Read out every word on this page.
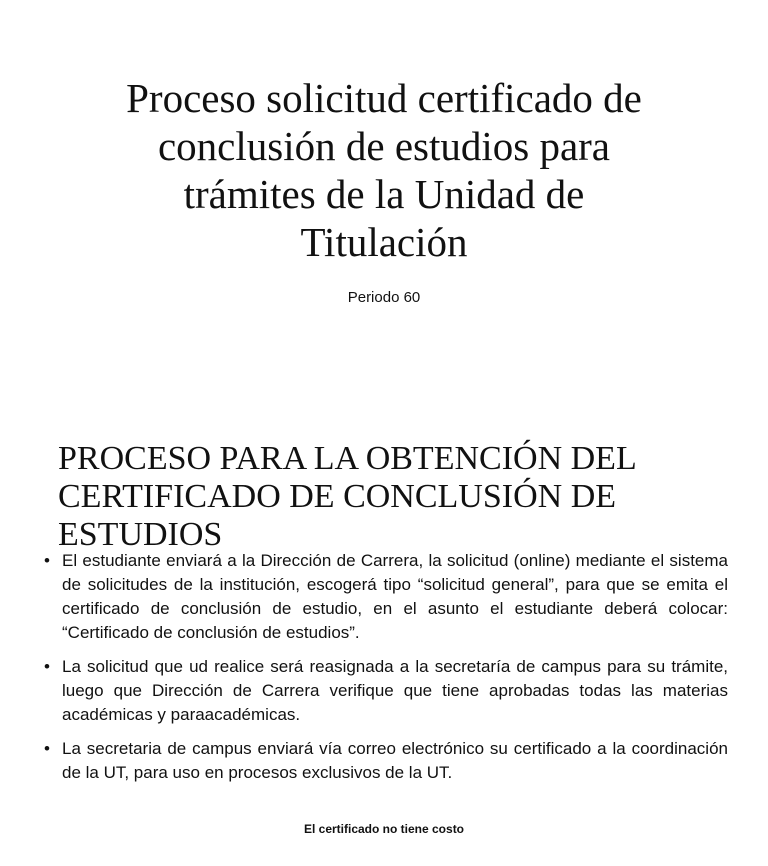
Proceso solicitud certificado de
conclusión de estudios para
trámites de la Unidad de
Titulación

Periodo 60

PROCESO PARA LA OBTENCIÓN DEL
CERTIFICADO DE CONCLUSIÓN DE
ESTUDIOS
• El estudiante enviará a la Dirección de Carrera, la solicitud (online) mediante el sistema de solicitudes de la institución, escogerá tipo “solicitud general”, para que se emita el certificado de conclusión de estudio, en el asunto el estudiante deberá colocar: “Certificado de conclusión de estudios”.
• La solicitud que ud realice será reasignada a la secretaría de campus para su trámite, luego que Dirección de Carrera verifique que tiene aprobadas todas las materias académicas y paraacadémicas.
• La secretaria de campus enviará vía correo electrónico su certificado a la coordinación de la UT, para uso en procesos exclusivos de la UT.

El certificado no tiene costo
